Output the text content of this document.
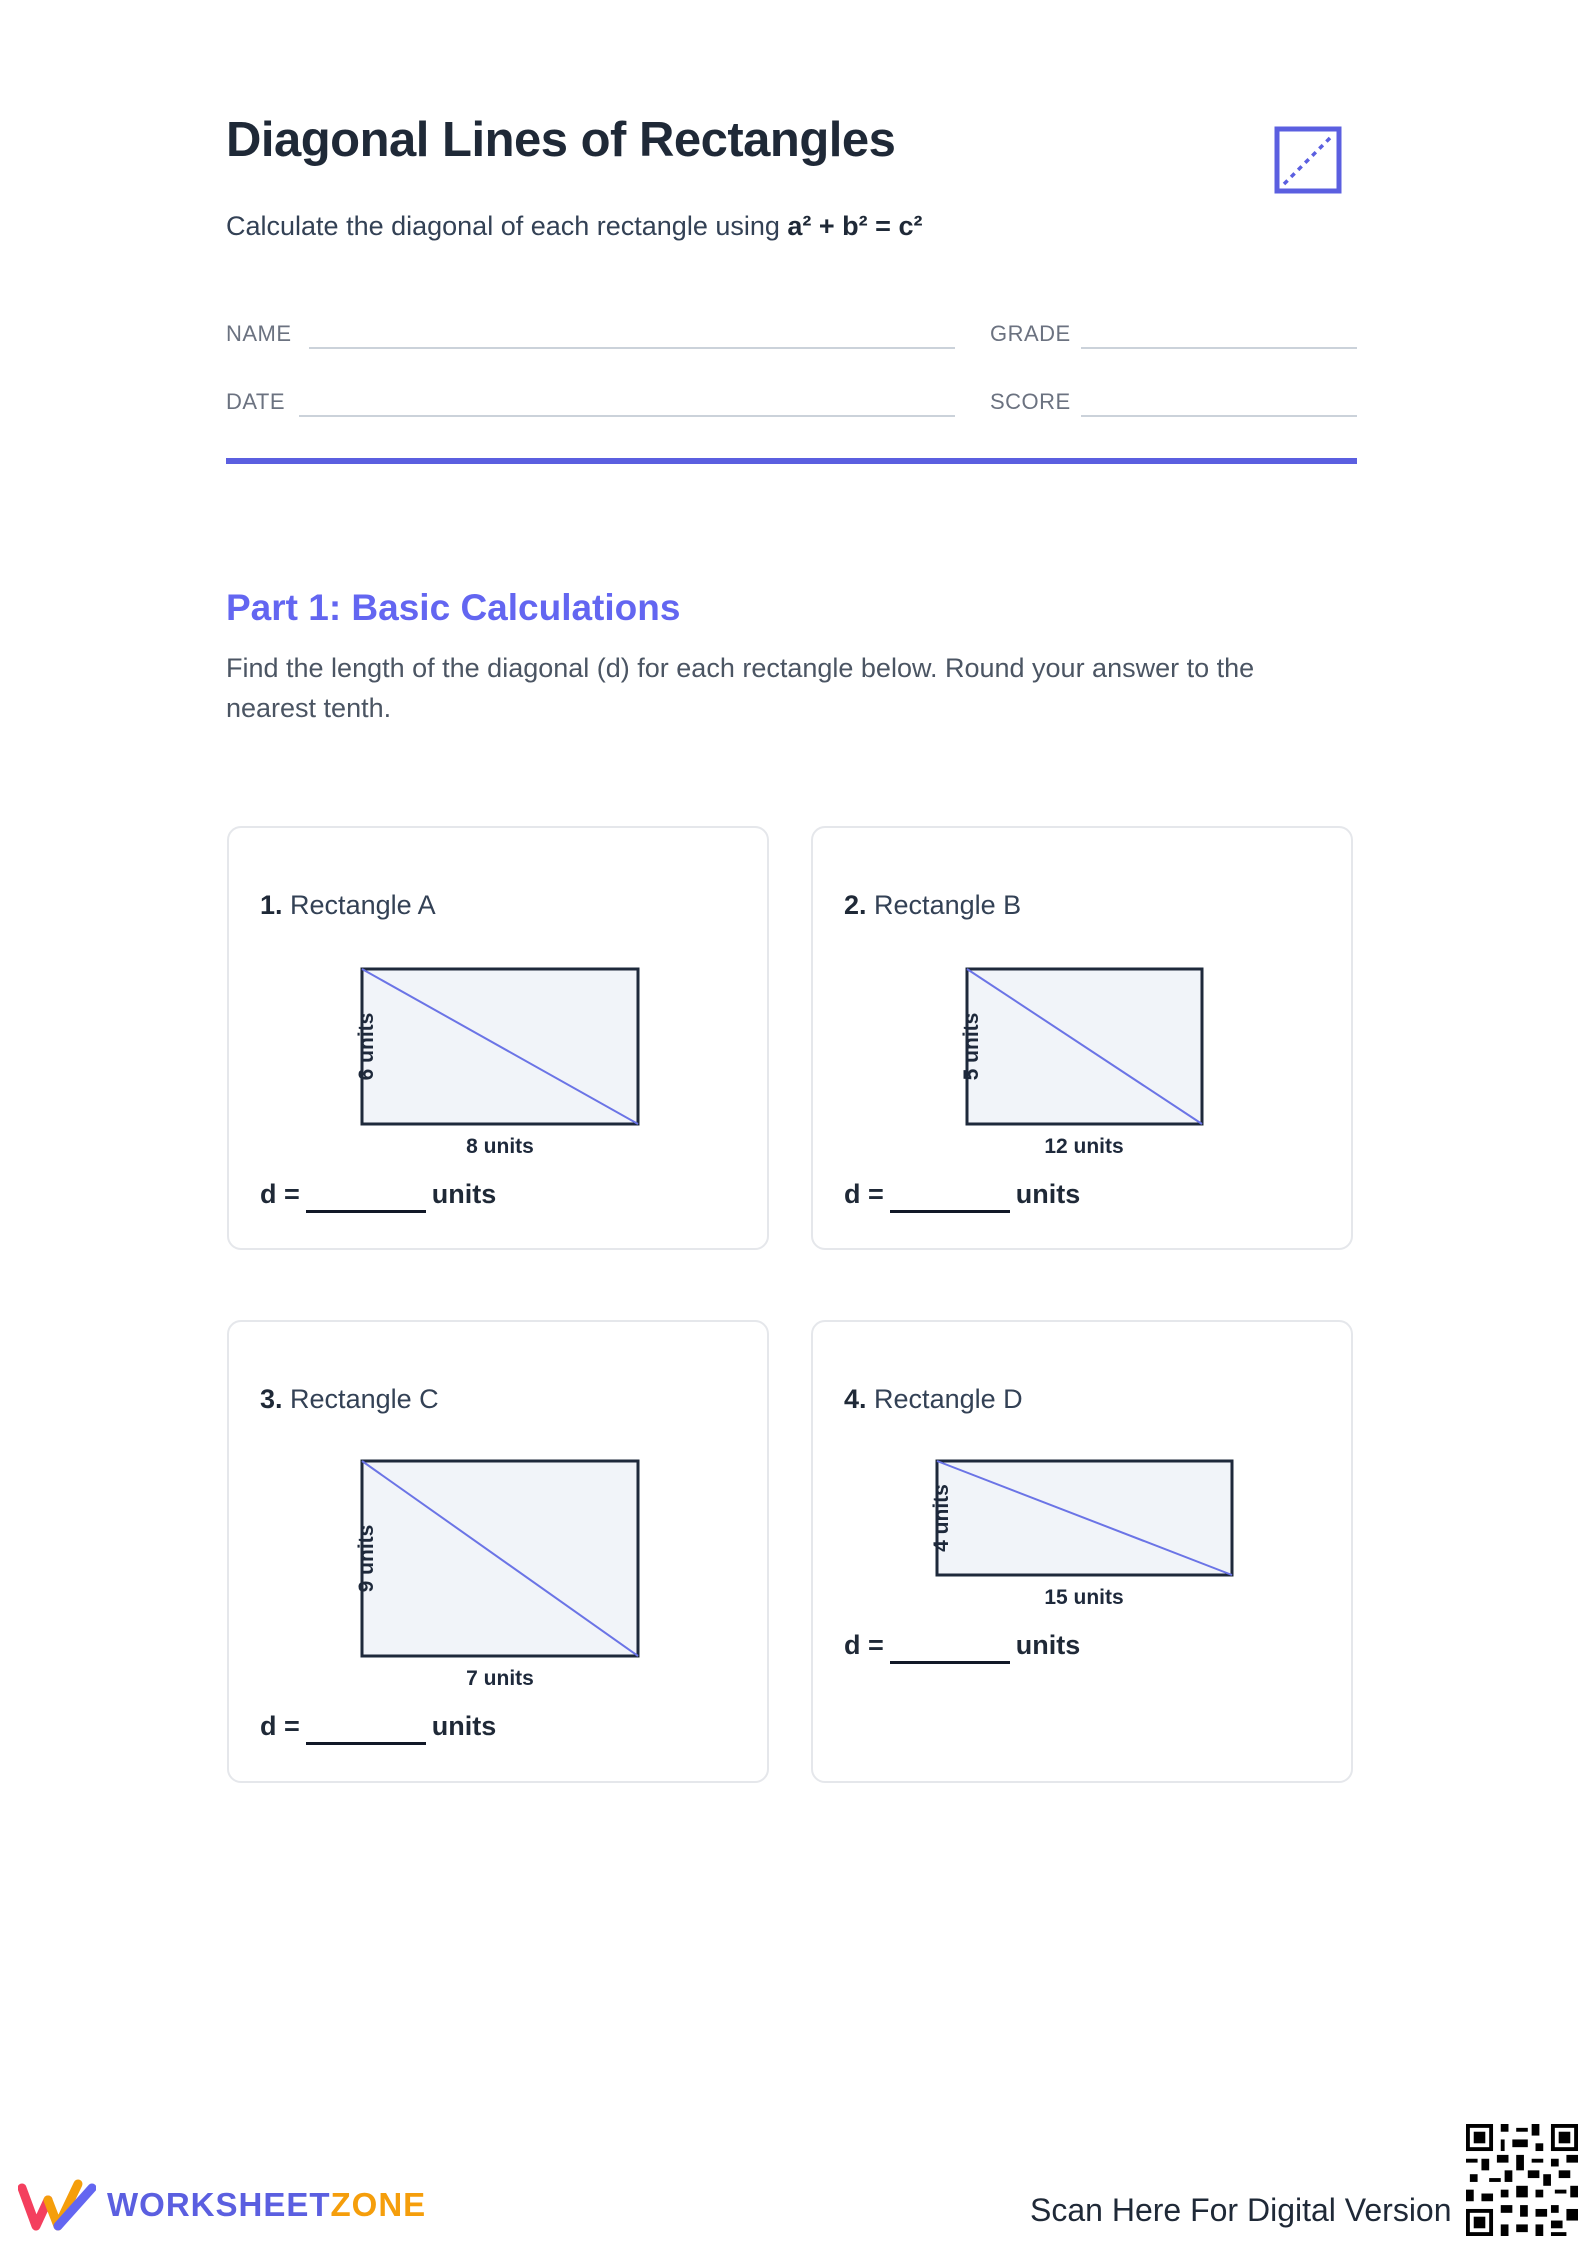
Diagonal Lines of Rectangles
Calculate the diagonal of each rectangle using a² + b² = c²
NAME	GRADE
DATE	SCORE
Part 1: Basic Calculations
Find the length of the diagonal (d) for each rectangle below. Round your answer to the nearest tenth.
1. Rectangle A
8 units
6 units
d =	units
2. Rectangle B
12 units
5 units
d =	units
3. Rectangle C
7 units
9 units
d =	units
4. Rectangle D
15 units
4 units
d =	units
WORKSHEETZONE	Scan Here For Digital Version
